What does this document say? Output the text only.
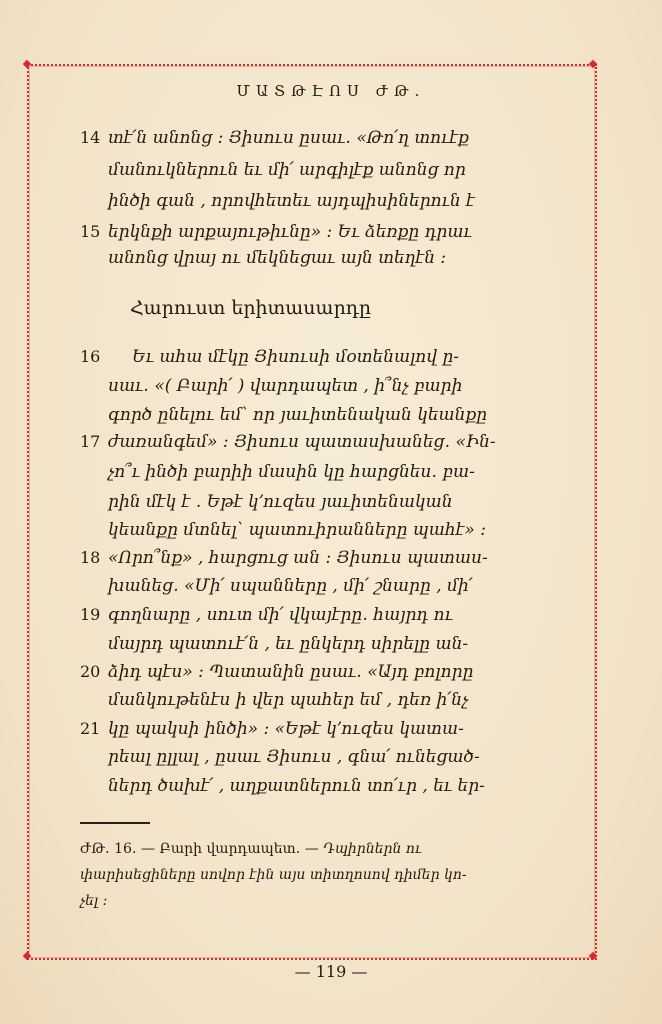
ՄԱՏԹԷՈՍ ԺԹ․
14 տէ՛ն անոնց ։ Յիսուս ըսաւ․ «Թո՛ղ տուէք
մանուկներուն եւ մի՛ արգիլէք անոնց որ
ինծի գան , որովհետեւ այդպիսիներուն է
15 երկնքի արքայութիւնը» ։ Եւ ձեռքը դրաւ
անոնց վրայ ու մեկնեցաւ այն տեղէն ։
Հարուստ երիտասարդը
16 Եւ ահա մէկը Յիսուսի մօտենալով ը-
սաւ․ «( Բարի՛ ) վարդապետ , ի՞նչ բարի
գործ ընելու եմ՝ որ յաւիտենական կեանքը
17 ժառանգեմ» ։ Յիսուս պատասխանեց․ «Ին-
չո՞ւ ինծի բարիի մասին կը հարցնես․ բա-
րին մէկ է ․ Եթէ կ՚ուզես յաւիտենական
կեանքը մտնել՝ պատուիրանները պահէ» ։
18 «Որո՞նք» , հարցուց ան ։ Յիսուս պատաս-
խանեց․ «Մի՛ սպանները , մի՛ շնարը , մի՛
19 գողնարը , սուտ մի՛ վկայէրը․ հայրդ ու
մայրդ պատուէ՛ն , եւ ընկերդ սիրելը ան-
20 ձիդ պէս» ։ Պատանին ըսաւ․ «Այդ բոլորը
մանկութենէս ի վեր պահեր եմ , դեռ ի՛նչ
21 կը պակսի ինծի» ։ «Եթէ կ՚ուզես կատա-
րեալ ըլլալ , ըսաւ Յիսուս , գնա՛ ունեցած-
ներդ ծախէ՛ , աղքատներուն տո՛ւր , եւ եր-
ԺԹ․ 16․ — Բարի վարդապետ․ — Դպիրներն ու
փարիսեցիները սովոր էին այս տիտղոսով դիմեր կո-
չել ։
— 119 —
